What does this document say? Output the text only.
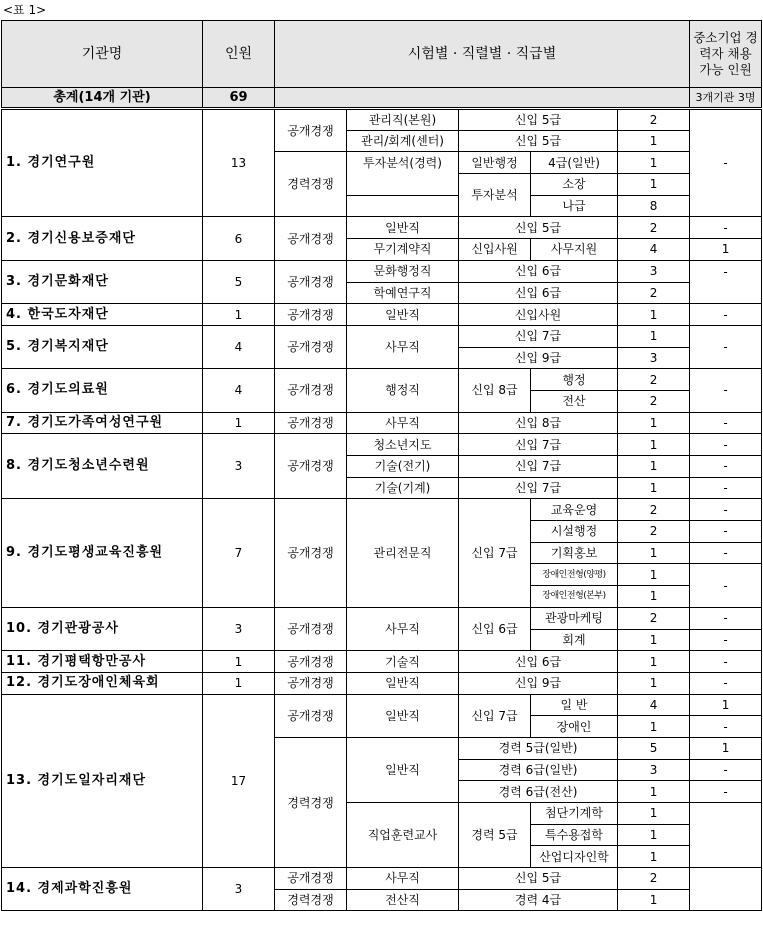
<표 1>
기관명	인원	시험별 · 직렬별 · 직급별					중소기업 경력자 채용 가능 인원
총계(14개 기관)	69						3개기관 3명
1. 경기연구원	13	공개경쟁	관리직(본원)	신입 5급		2	-
			관리/회계(센터)	신입 5급		1	
		경력경쟁	투자분석(경력)	일반행정	4급(일반)	1	
				투자분석	소장	1	
					나급	8	
2. 경기신용보증재단	6	공개경쟁	일반직	신입 5급		2	-
			무기계약직	신입사원	사무지원	4	1
3. 경기문화재단	5	공개경쟁	문화행정직	신입 6급		3	-
			학예연구직	신입 6급		2	
4. 한국도자재단	1	공개경쟁	일반직	신입사원		1	-
5. 경기복지재단	4	공개경쟁	사무직	신입 7급		1	-
				신입 9급		3	
6. 경기도의료원	4	공개경쟁	행정직	신입 8급	행정	2	-
					전산	2	
7. 경기도가족여성연구원	1	공개경쟁	사무직	신입 8급		1	-
8. 경기도청소년수련원	3	공개경쟁	청소년지도	신입 7급		1	-
			기술(전기)	신입 7급		1	-
			기술(기계)	신입 7급		1	-
9. 경기도평생교육진흥원	7	공개경쟁	관리전문직	신입 7급	교육운영	2	-
					시설행정	2	-
					기획홍보	1	-
					장애인전형(양평)	1	-
					장애인전형(본부)	1	
10. 경기관광공사	3	공개경쟁	사무직	신입 6급	관광마케팅	2	-
					회계	1	-
11. 경기평택항만공사	1	공개경쟁	기술직	신입 6급		1	-
12. 경기도장애인체육회	1	공개경쟁	일반직	신입 9급		1	-
13. 경기도일자리재단	17	공개경쟁	일반직	신입 7급	일 반	4	1
					장애인	1	-
		경력경쟁	일반직	경력 5급(일반)		5	1
				경력 6급(일반)		3	-
				경력 6급(전산)		1	-
			직업훈련교사	경력 5급	첨단기계학	1	
					특수용접학	1	
					산업디자인학	1	
14. 경제과학진흥원	3	공개경쟁	사무직	신입 5급		2	
		경력경쟁	전산직	경력 4급		1	
